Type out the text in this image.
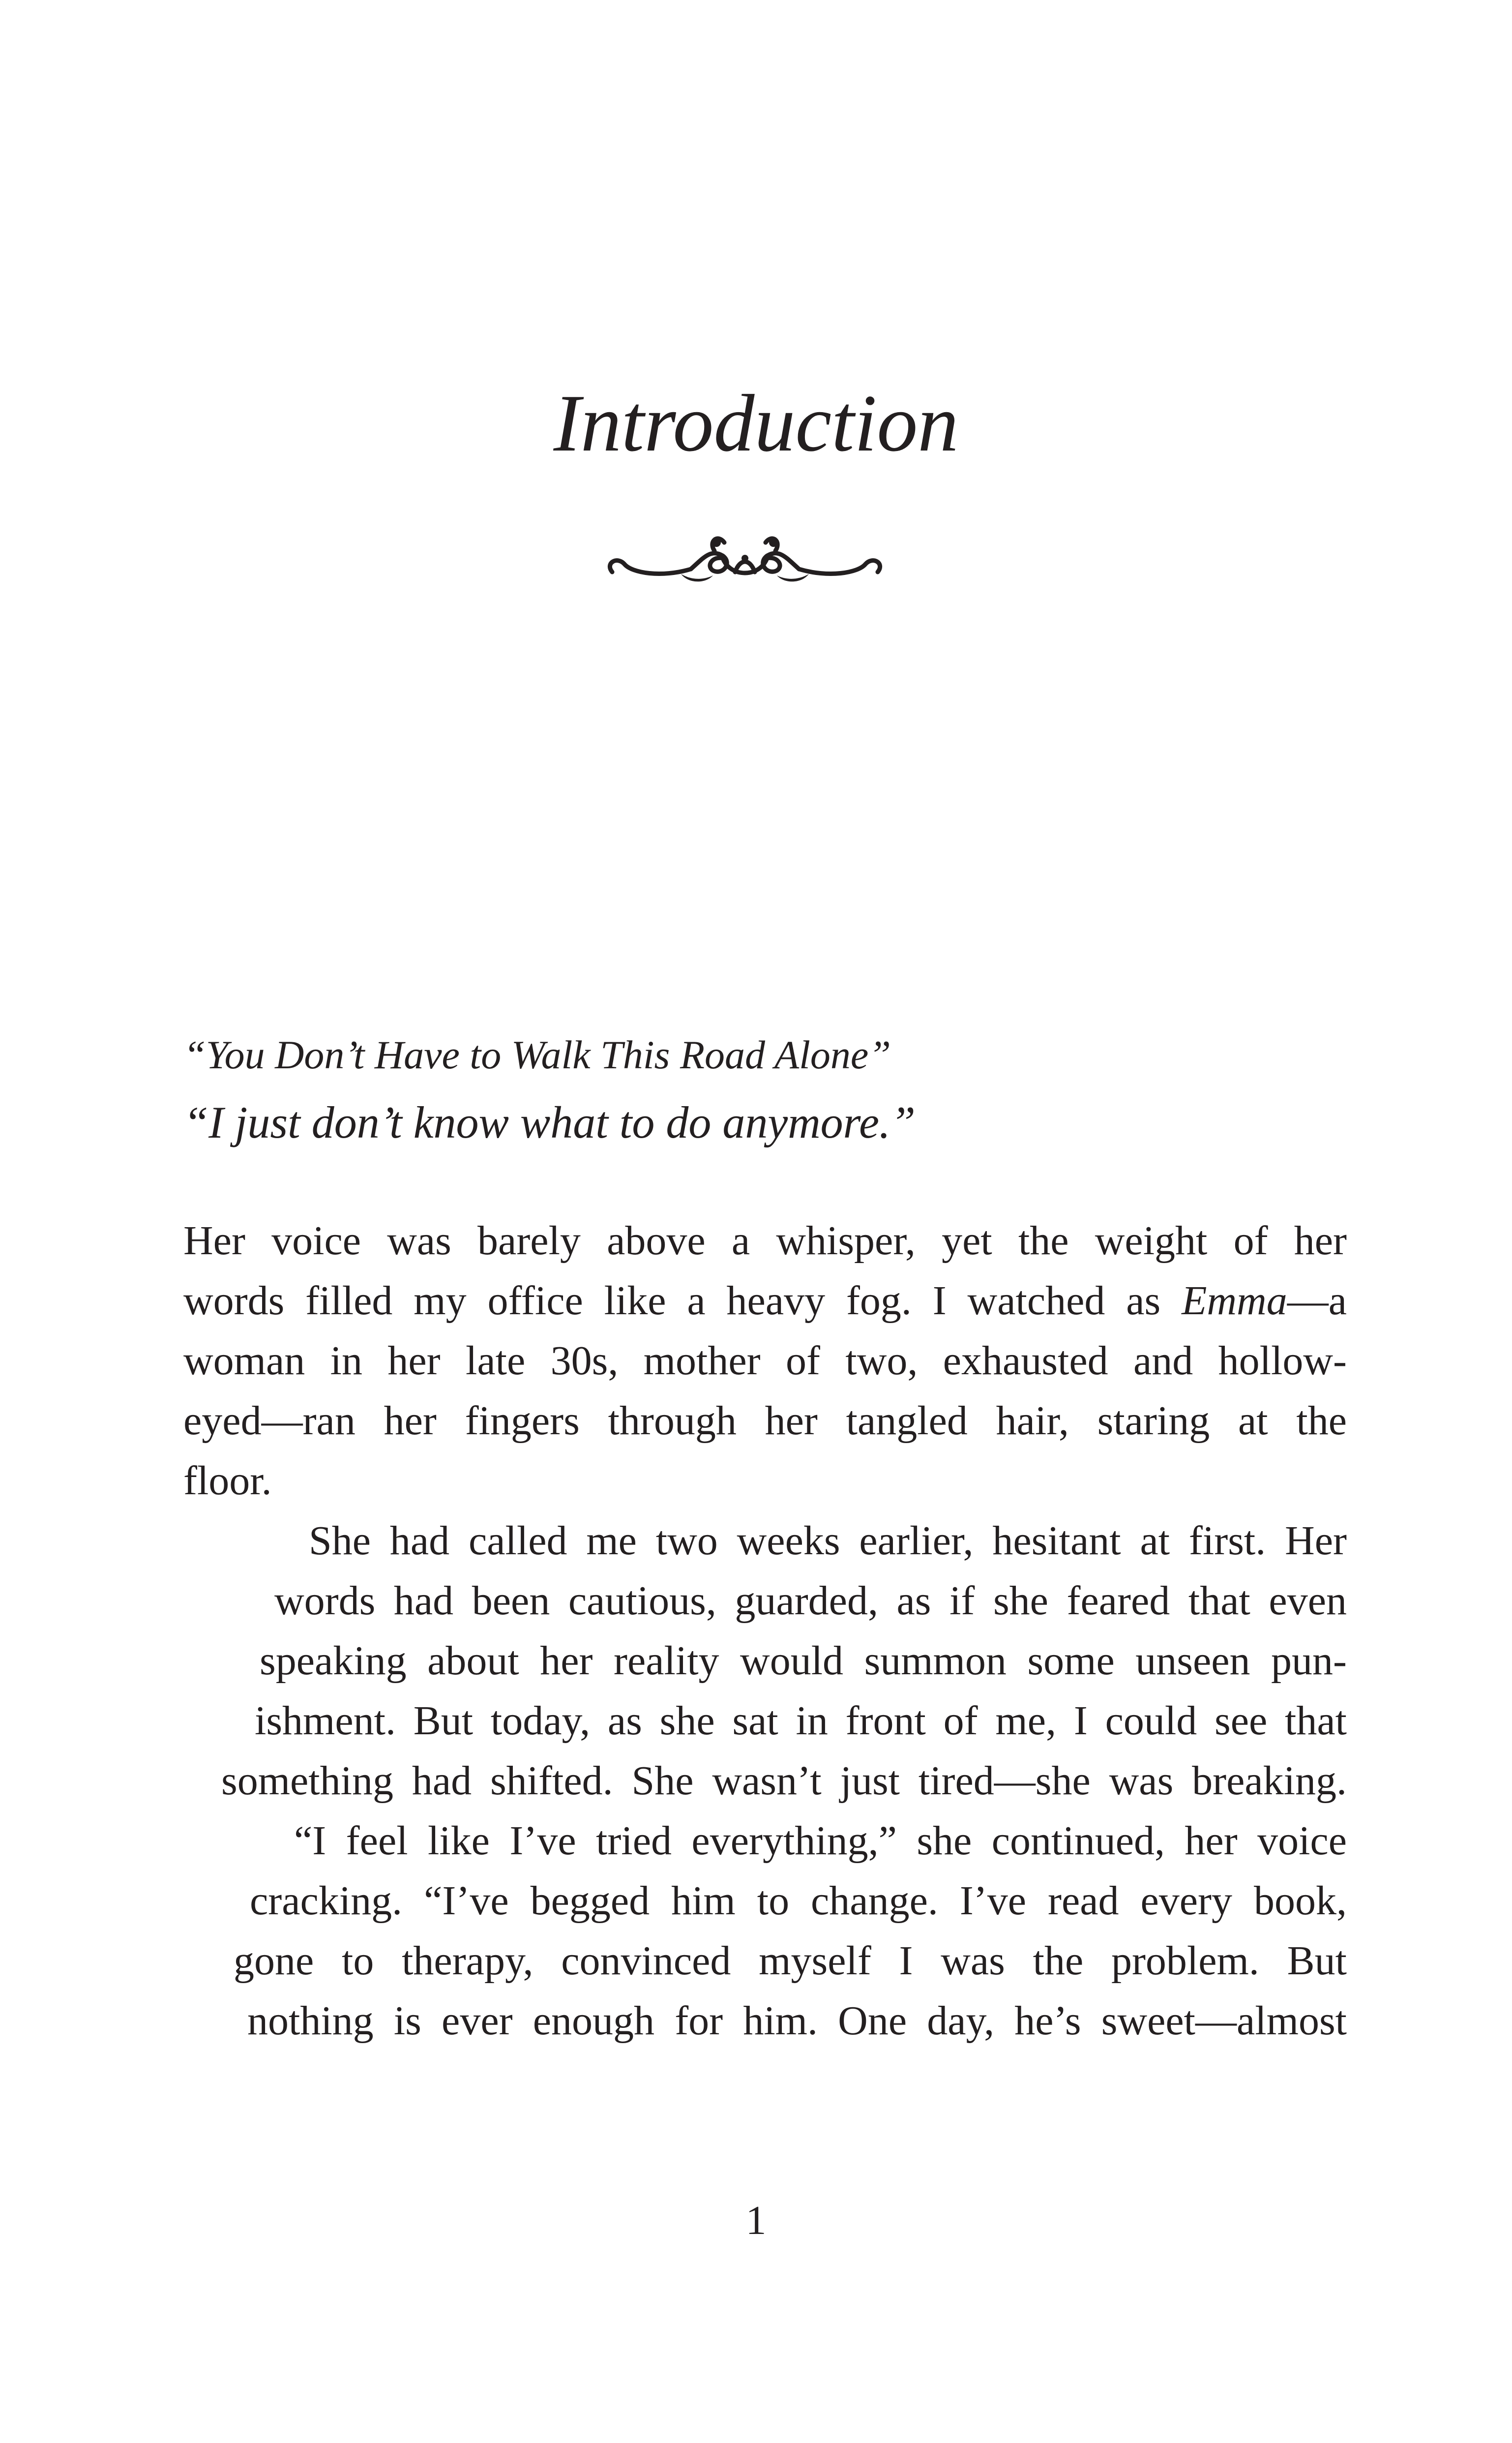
Introduction
“You Don’t Have to Walk This Road Alone”
“I just don’t know what to do anymore.”
Her voice was barely above a whisper, yet the weight of her
words filled my office like a heavy fog. I watched as Emma—a
woman in her late 30s, mother of two, exhausted and hollow-
eyed—ran her fingers through her tangled hair, staring at the
floor.
She had called me two weeks earlier, hesitant at first. Her
words had been cautious, guarded, as if she feared that even
speaking about her reality would summon some unseen pun-
ishment. But today, as she sat in front of me, I could see that
something had shifted. She wasn’t just tired—she was breaking.
“I feel like I’ve tried everything,” she continued, her voice
cracking. “I’ve begged him to change. I’ve read every book,
gone to therapy, convinced myself I was the problem. But
nothing is ever enough for him. One day, he’s sweet—almost
1
